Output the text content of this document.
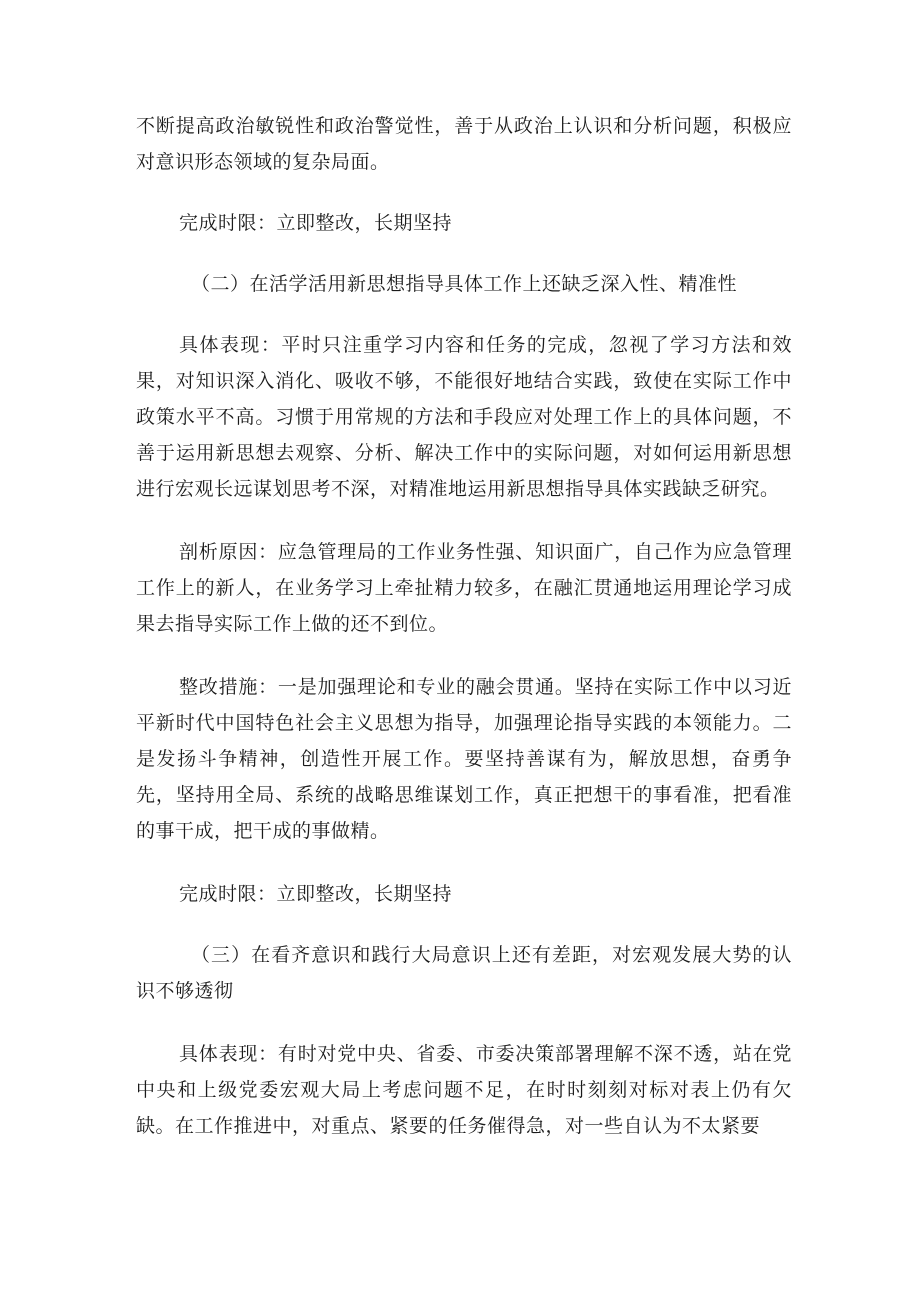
不断提高政治敏锐性和政治警觉性，善于从政治上认识和分析问题，积极应对意识形态领域的复杂局面。

完成时限：立即整改，长期坚持

（二）在活学活用新思想指导具体工作上还缺乏深入性、精准性

具体表现：平时只注重学习内容和任务的完成，忽视了学习方法和效果，对知识深入消化、吸收不够，不能很好地结合实践，致使在实际工作中政策水平不高。习惯于用常规的方法和手段应对处理工作上的具体问题，不善于运用新思想去观察、分析、解决工作中的实际问题，对如何运用新思想进行宏观长远谋划思考不深，对精准地运用新思想指导具体实践缺乏研究。

剖析原因：应急管理局的工作业务性强、知识面广，自己作为应急管理工作上的新人，在业务学习上牵扯精力较多，在融汇贯通地运用理论学习成果去指导实际工作上做的还不到位。

整改措施：一是加强理论和专业的融会贯通。坚持在实际工作中以习近平新时代中国特色社会主义思想为指导，加强理论指导实践的本领能力。二是发扬斗争精神，创造性开展工作。要坚持善谋有为，解放思想，奋勇争先，坚持用全局、系统的战略思维谋划工作，真正把想干的事看准，把看准的事干成，把干成的事做精。

完成时限：立即整改，长期坚持

（三）在看齐意识和践行大局意识上还有差距，对宏观发展大势的认识不够透彻

具体表现：有时对党中央、省委、市委决策部署理解不深不透，站在党中央和上级党委宏观大局上考虑问题不足，在时时刻刻对标对表上仍有欠缺。在工作推进中，对重点、紧要的任务催得急，对一些自认为不太紧要
